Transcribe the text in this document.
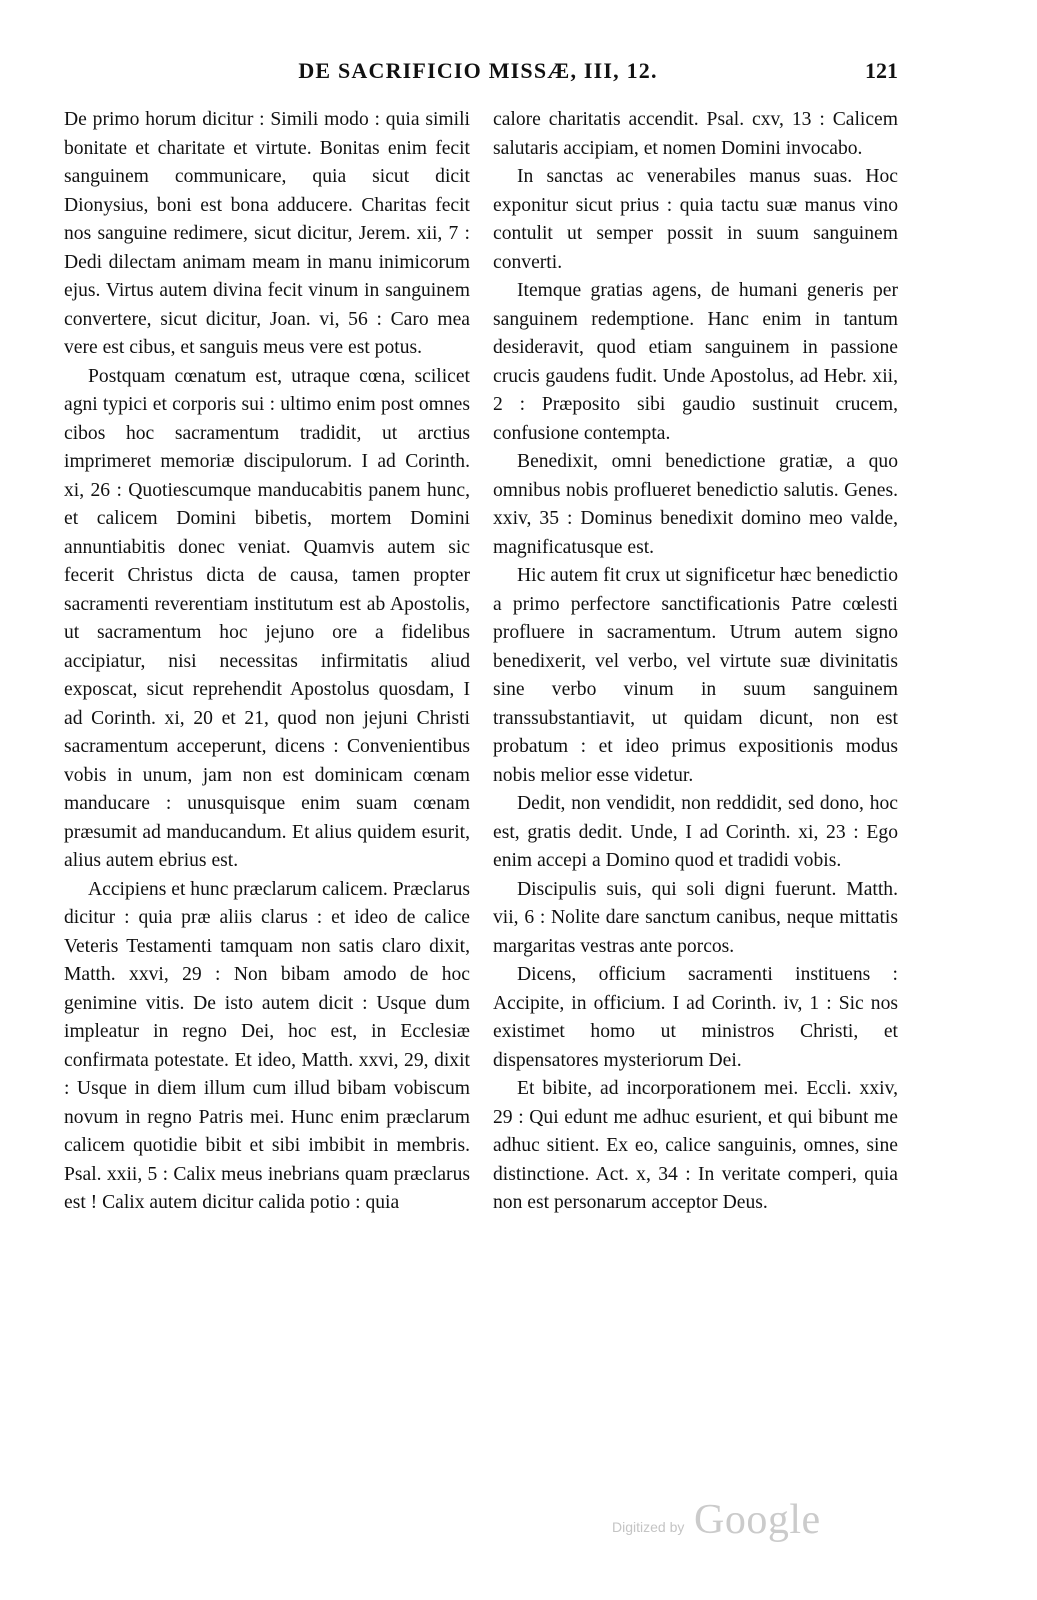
DE SACRIFICIO MISSÆ, III, 12.	121

De primo horum dicitur : Simili modo : quia simili bonitate et charitate et virtute. Bonitas enim fecit sanguinem communicare, quia sicut dicit Dionysius, boni est bona adducere. Charitas fecit nos sanguine redimere, sicut dicitur, Jerem. xii, 7 : Dedi dilectam animam meam in manu inimicorum ejus. Virtus autem divina fecit vinum in sanguinem convertere, sicut dicitur, Joan. vi, 56 : Caro mea vere est cibus, et sanguis meus vere est potus.

Postquam cœnatum est, utraque cœna, scilicet agni typici et corporis sui : ultimo enim post omnes cibos hoc sacramentum tradidit, ut arctius imprimeret memoriæ discipulorum. I ad Corinth. xi, 26 : Quotiescumque manducabitis panem hunc, et calicem Domini bibetis, mortem Domini annuntiabitis donec veniat. Quamvis autem sic fecerit Christus dicta de causa, tamen propter sacramenti reverentiam institutum est ab Apostolis, ut sacramentum hoc jejuno ore a fidelibus accipiatur, nisi necessitas infirmitatis aliud exposcat, sicut reprehendit Apostolus quosdam, I ad Corinth. xi, 20 et 21, quod non jejuni Christi sacramentum acceperunt, dicens : Convenientibus vobis in unum, jam non est dominicam cœnam manducare : unusquisque enim suam cœnam præsumit ad manducandum. Et alius quidem esurit, alius autem ebrius est.

Accipiens et hunc præclarum calicem. Præclarus dicitur : quia præ aliis clarus : et ideo de calice Veteris Testamenti tamquam non satis claro dixit, Matth. xxvi, 29 : Non bibam amodo de hoc genimine vitis. De isto autem dicit : Usque dum impleatur in regno Dei, hoc est, in Ecclesiæ confirmata potestate. Et ideo, Matth. xxvi, 29, dixit : Usque in diem illum cum illud bibam vobiscum novum in regno Patris mei. Hunc enim præclarum calicem quotidie bibit et sibi imbibit in membris. Psal. xxii, 5 : Calix meus inebrians quam præclarus est ! Calix autem dicitur calida potio : quia

calore charitatis accendit. Psal. cxv, 13 : Calicem salutaris accipiam, et nomen Domini invocabo.

In sanctas ac venerabiles manus suas. Hoc exponitur sicut prius : quia tactu suæ manus vino contulit ut semper possit in suum sanguinem converti.

Itemque gratias agens, de humani generis per sanguinem redemptione. Hanc enim in tantum desideravit, quod etiam sanguinem in passione crucis gaudens fudit. Unde Apostolus, ad Hebr. xii, 2 : Præposito sibi gaudio sustinuit crucem, confusione contempta.

Benedixit, omni benedictione gratiæ, a quo omnibus nobis proflueret benedictio salutis. Genes. xxiv, 35 : Dominus benedixit domino meo valde, magnificatusque est.

Hic autem fit crux ut significetur hæc benedictio a primo perfectore sanctificationis Patre cœlesti profluere in sacramentum. Utrum autem signo benedixerit, vel verbo, vel virtute suæ divinitatis sine verbo vinum in suum sanguinem transsubstantiavit, ut quidam dicunt, non est probatum : et ideo primus expositionis modus nobis melior esse videtur.

Dedit, non vendidit, non reddidit, sed dono, hoc est, gratis dedit. Unde, I ad Corinth. xi, 23 : Ego enim accepi a Domino quod et tradidi vobis.

Discipulis suis, qui soli digni fuerunt. Matth. vii, 6 : Nolite dare sanctum canibus, neque mittatis margaritas vestras ante porcos.

Dicens, officium sacramenti instituens : Accipite, in officium. I ad Corinth. iv, 1 : Sic nos existimet homo ut ministros Christi, et dispensatores mysteriorum Dei.

Et bibite, ad incorporationem mei. Eccli. xxiv, 29 : Qui edunt me adhuc esurient, et qui bibunt me adhuc sitient. Ex eo, calice sanguinis, omnes, sine distinctione. Act. x, 34 : In veritate comperi, quia non est personarum acceptor Deus.

Digitized by Google
